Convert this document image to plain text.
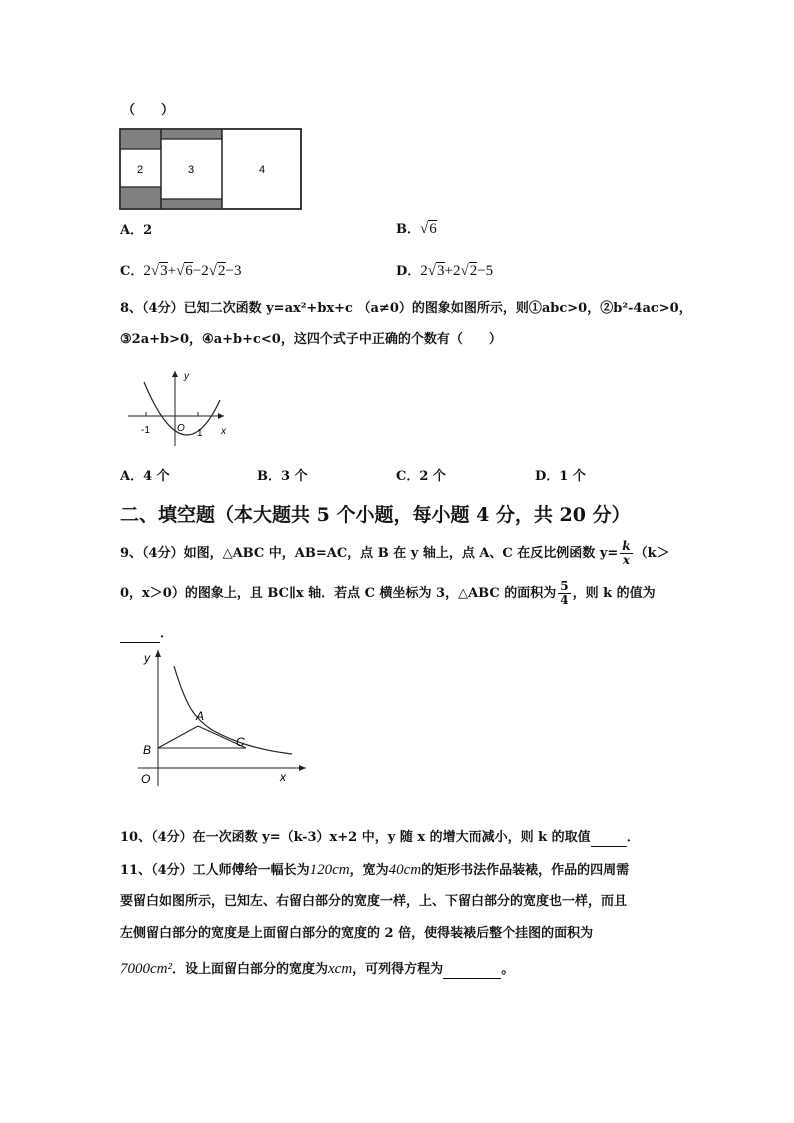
（　　）
2	3	4
A．2	B．√6
C．2√3+√6−2√2−3	D．2√3+2√2−5
8、（4分）已知二次函数 y=ax²+bx+c （a≠0）的图象如图所示，则①abc>0，②b²-4ac>0，
③2a+b>0，④a+b+c<0，这四个式子中正确的个数有（　　）
y
x
O
-1	1
A．4 个	B．3 个	C．2 个	D．1 个
二、填空题（本大题共 5 个小题，每小题 4 分，共 20 分）
9、（4分）如图，△ABC 中，AB=AC，点 B 在 y 轴上，点 A、C 在反比例函数 $y= \frac{k}{x} (k>$
0，x＞0）的图象上，且 BC∥x 轴．若点 C 横坐标为 3，△ABC 的面积为 $\frac{5}{4}$ ，则 k 的值为
．
y
x
O
A
B
C
10、（4分）在一次函数 y=（k-3）x+2 中，y 随 x 的增大而减小，则 k 的取值	．
11、（4分）工人师傅给一幅长为120cm，宽为40cm的矩形书法作品装裱，作品的四周需
要留白如图所示，已知左、右留白部分的宽度一样，上、下留白部分的宽度也一样，而且
左侧留白部分的宽度是上面留白部分的宽度的 2 倍，使得装裱后整个挂图的面积为
7000cm²．设上面留白部分的宽度为xcm，可列得方程为	。
